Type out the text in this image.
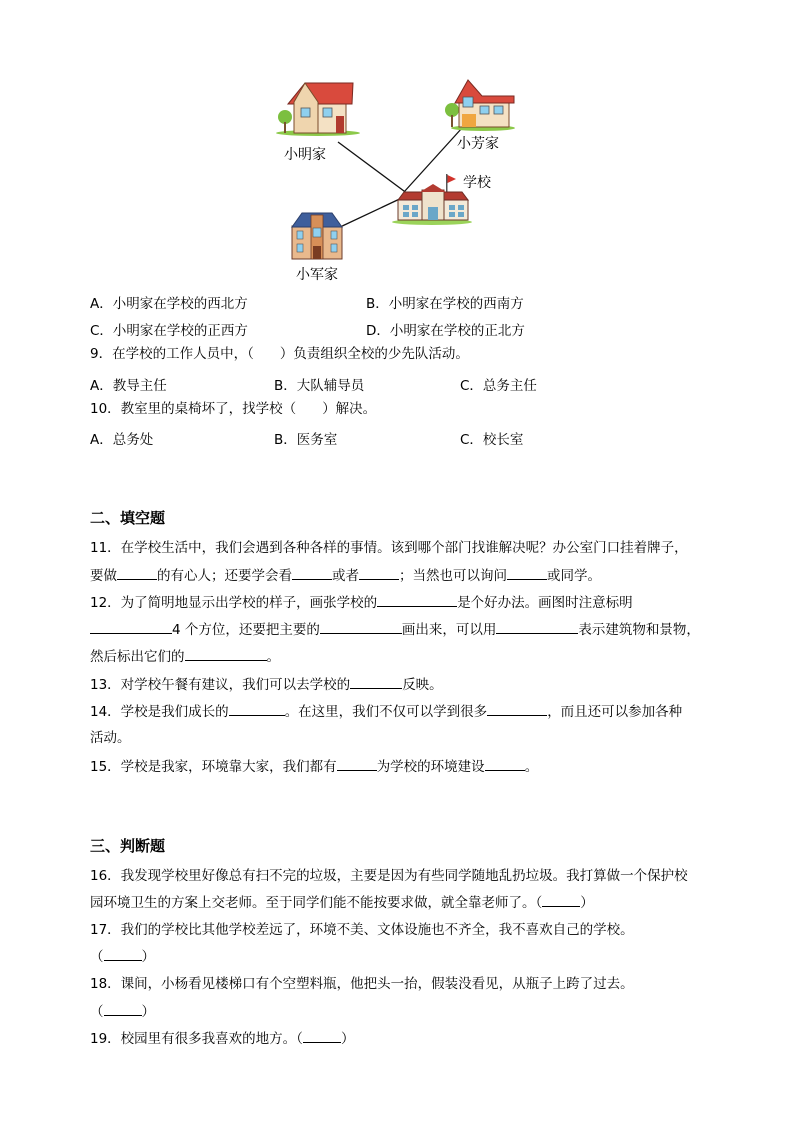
小明家
小芳家
学校
小军家
A．小明家在学校的西北方	B．小明家在学校的西南方
C．小明家在学校的正西方	D．小明家在学校的正北方
9．在学校的工作人员中，（ ）负责组织全校的少先队活动。
A．教导主任	B．大队辅导员	C．总务主任
10．教室里的桌椅坏了，找学校（ ）解决。
A．总务处	B．医务室	C．校长室
二、填空题
11．在学校生活中，我们会遇到各种各样的事情。该到哪个部门找谁解决呢？办公室门口挂着牌子，
要做	的有心人；还要学会看	或者	；当然也可以询问	或同学。
12．为了简明地显示出学校的样子，画张学校的	是个好办法。画图时注意标明
4 个方位，还要把主要的	画出来，可以用	表示建筑物和景物，
然后标出它们的	。
13．对学校午餐有建议，我们可以去学校的	反映。
14．学校是我们成长的	。在这里，我们不仅可以学到很多	，而且还可以参加各种
活动。
15．学校是我家，环境靠大家，我们都有	为学校的环境建设	。
三、判断题
16．我发现学校里好像总有扫不完的垃圾，主要是因为有些同学随地乱扔垃圾。我打算做一个保护校
园环境卫生的方案上交老师。至于同学们能不能按要求做，就全靠老师了。（	）
17．我们的学校比其他学校差远了，环境不美、文体设施也不齐全，我不喜欢自己的学校。
（	）
18．课间，小杨看见楼梯口有个空塑料瓶，他把头一抬，假装没看见，从瓶子上跨了过去。
（	）
19．校园里有很多我喜欢的地方。（	）
